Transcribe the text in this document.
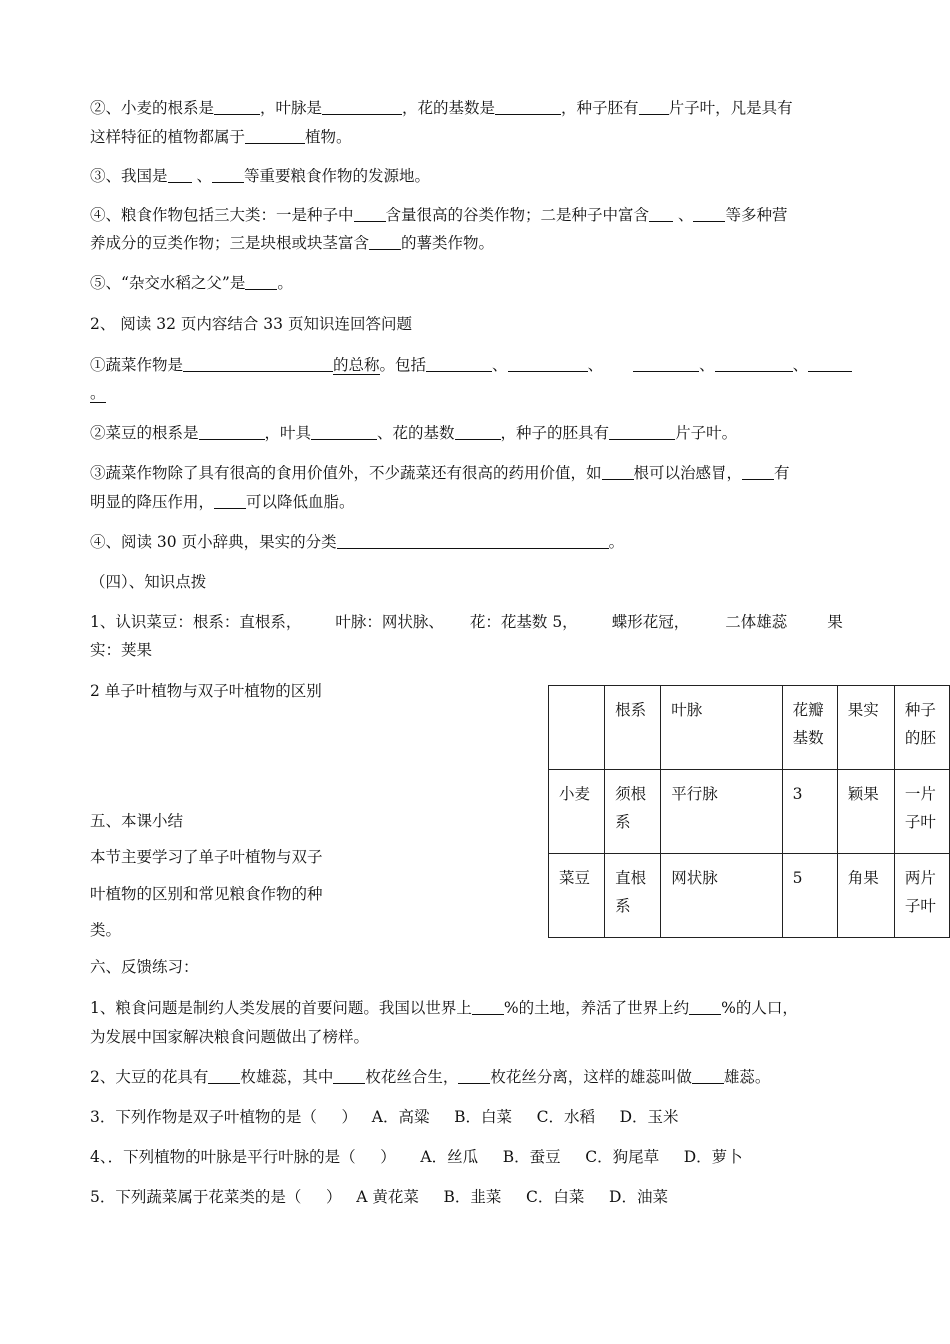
②、小麦的根系是	，叶脉是	，花的基数是	，种子胚有 片子叶，凡是具有
这样特征的植物都属于	植物。
③、我国是 、 等重要粮食作物的发源地。
④、粮食作物包括三大类：一是种子中 含量很高的谷类作物；二是种子中富含 、 等多种营
养成分的豆类作物；三是块根或块茎富含 的薯类作物。
⑤、“杂交水稻之父”是 。
2、 阅读 32 页内容结合 33 页知识连回答问题
①蔬菜作物是	的总称。包括	、	、	、	、
。
②菜豆的根系是	，叶具	、花的基数	，种子的胚具有	片子叶。
③蔬菜作物除了具有很高的食用价值外，不少蔬菜还有很高的药用价值，如 根可以治感冒， 有
明显的降压作用， 可以降低血脂。
④、阅读 30 页小辞典，果实的分类	。
（四）、知识点拨
1、认识菜豆：根系：直根系， 叶脉：网状脉、 花：花基数 5， 蝶形花冠， 二体雄蕊	果
实：荚果
2 单子叶植物与双子叶植物的区别
五、本课小结
本节主要学习了单子叶植物与双子
叶植物的区别和常见粮食作物的种
类。
	根系	叶脉	花瓣基数	果实	种子的胚
小麦	须根系	平行脉	3	颖果	一片子叶
菜豆	直根系	网状脉	5	角果	两片子叶
六、反馈练习：
1、粮食问题是制约人类发展的首要问题。我国以世界上 %的土地，养活了世界上约 %的人口，
为发展中国家解决粮食问题做出了榜样。
2、大豆的花具有 枚雄蕊，其中 枚花丝合生， 枚花丝分离，这样的雄蕊叫做 雄蕊。
3．下列作物是双子叶植物的是（     ）   A．高粱     B．白菜     C．水稻     D．玉米
4、．下列植物的叶脉是平行叶脉的是（     ）     A．丝瓜     B．蚕豆     C．狗尾草     D．萝卜
5．下列蔬菜属于花菜类的是（     ）   A 黄花菜     B．韭菜     C．白菜     D．油菜
